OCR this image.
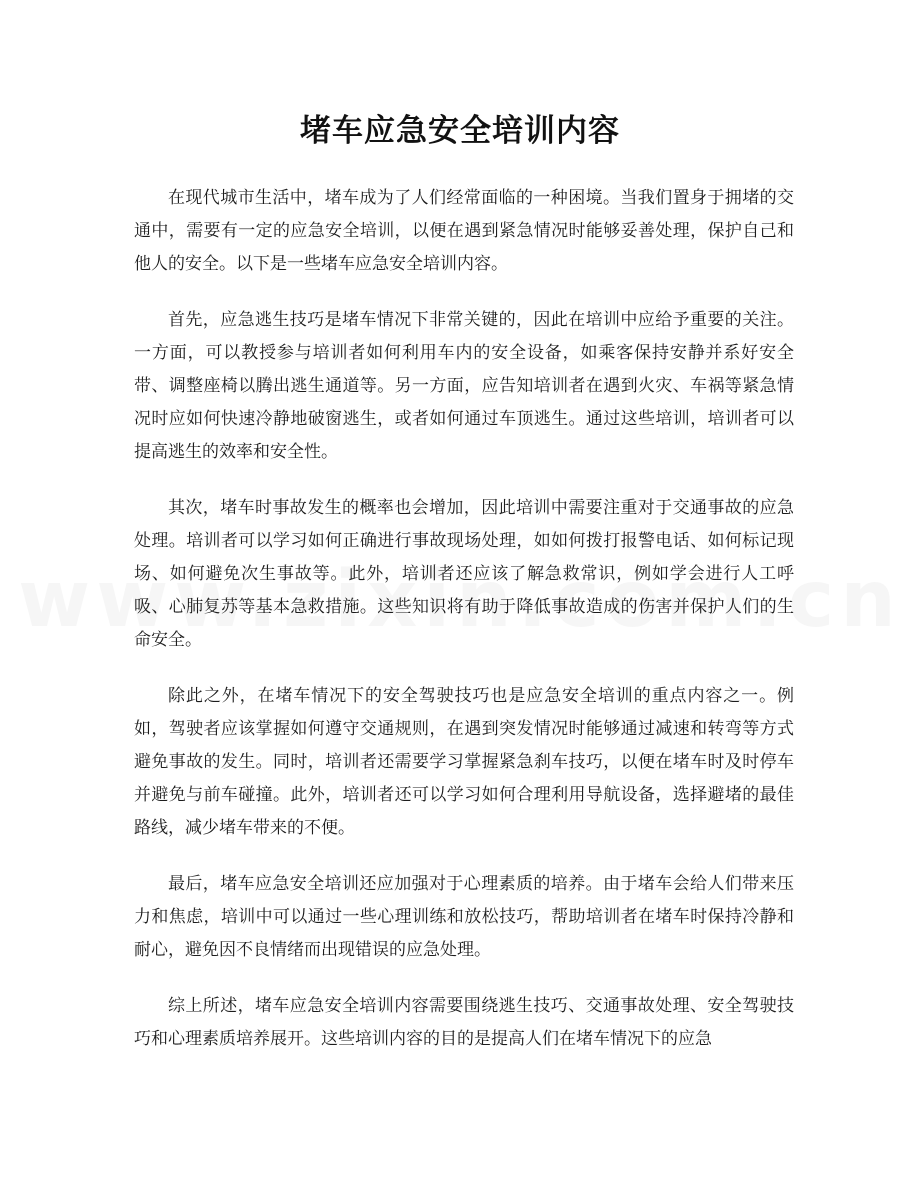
堵车应急安全培训内容

在现代城市生活中，堵车成为了人们经常面临的一种困境。当我们置身于拥堵的交通中，需要有一定的应急安全培训，以便在遇到紧急情况时能够妥善处理，保护自己和他人的安全。以下是一些堵车应急安全培训内容。

首先，应急逃生技巧是堵车情况下非常关键的，因此在培训中应给予重要的关注。一方面，可以教授参与培训者如何利用车内的安全设备，如乘客保持安静并系好安全带、调整座椅以腾出逃生通道等。另一方面，应告知培训者在遇到火灾、车祸等紧急情况时应如何快速冷静地破窗逃生，或者如何通过车顶逃生。通过这些培训，培训者可以提高逃生的效率和安全性。

其次，堵车时事故发生的概率也会增加，因此培训中需要注重对于交通事故的应急处理。培训者可以学习如何正确进行事故现场处理，如如何拨打报警电话、如何标记现场、如何避免次生事故等。此外，培训者还应该了解急救常识，例如学会进行人工呼吸、心肺复苏等基本急救措施。这些知识将有助于降低事故造成的伤害并保护人们的生命安全。

除此之外，在堵车情况下的安全驾驶技巧也是应急安全培训的重点内容之一。例如，驾驶者应该掌握如何遵守交通规则，在遇到突发情况时能够通过减速和转弯等方式避免事故的发生。同时，培训者还需要学习掌握紧急刹车技巧，以便在堵车时及时停车并避免与前车碰撞。此外，培训者还可以学习如何合理利用导航设备，选择避堵的最佳路线，减少堵车带来的不便。

最后，堵车应急安全培训还应加强对于心理素质的培养。由于堵车会给人们带来压力和焦虑，培训中可以通过一些心理训练和放松技巧，帮助培训者在堵车时保持冷静和耐心，避免因不良情绪而出现错误的应急处理。

综上所述，堵车应急安全培训内容需要围绕逃生技巧、交通事故处理、安全驾驶技巧和心理素质培养展开。这些培训内容的目的是提高人们在堵车情况下的应急
